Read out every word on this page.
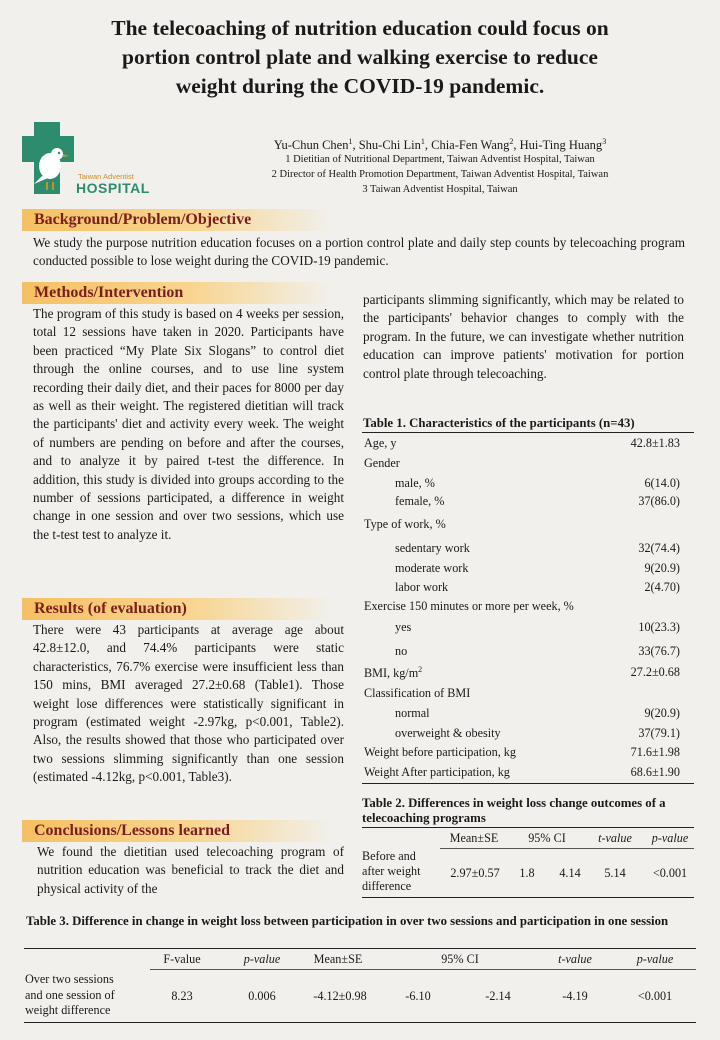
The telecoaching of nutrition education could focus on
portion control plate and walking exercise to reduce
weight during the COVID-19 pandemic.
Taiwan Adventist
HOSPITAL
Yu-Chun Chen$^1$, Shu-Chi Lin$^1$, Chia-Fen Wang$^2$, Hui-Ting Huang$^3$
1 Dietitian of Nutritional Department, Taiwan Adventist Hospital, Taiwan
2 Director of Health Promotion Department, Taiwan Adventist Hospital, Taiwan
3 Taiwan Adventist Hospital, Taiwan
Background/Problem/Objective
We study the purpose nutrition education focuses on a portion control plate and daily step counts by telecoaching program conducted possible to lose weight during the COVID-19 pandemic.
Methods/Intervention
The program of this study is based on 4 weeks per session, total 12 sessions have taken in 2020. Participants have been practiced “My Plate Six Slogans” to control diet through the online courses, and to use line system recording their daily diet, and their paces for 8000 per day as well as their weight. The registered dietitian will track the participants' diet and activity every week. The weight of numbers are pending on before and after the courses, and to analyze it by paired t-test the difference. In addition, this study is divided into groups according to the number of sessions participated, a difference in weight change in one session and over two sessions, which use the t-test test to analyze it.
Results (of evaluation)
There were 43 participants at average age about 42.8±12.0, and 74.4% participants were static characteristics, 76.7% exercise were insufficient less than 150 mins, BMI averaged 27.2±0.68 (Table1). Those weight lose differences were statistically significant in program (estimated weight -2.97kg, p<0.001, Table2). Also, the results showed that those who participated over two sessions slimming significantly than one session (estimated -4.12kg, p<0.001, Table3).
Conclusions/Lessons learned
We found the dietitian used telecoaching program of nutrition education was beneficial to track the diet and physical activity of the
participants slimming significantly, which may be related to the participants' behavior changes to comply with the program. In the future, we can investigate whether nutrition education can improve patients' motivation for portion control plate through telecoaching.
Table 1. Characteristics of the participants (n=43)
Age, y	42.8±1.83
Gender
male, %	6(14.0)
female, %	37(86.0)
Type of work, %
sedentary work	32(74.4)
moderate work	9(20.9)
labor work	2(4.70)
Exercise 150 minutes or more per week, %
yes	10(23.3)
no	33(76.7)
BMI, $kg/m^2$	27.2±0.68
Classification of BMI
normal	9(20.9)
overweight & obesity	37(79.1)
Weight before participation, kg	71.6±1.98
Weight After participation, kg	68.6±1.90
Table 2. Differences in weight loss change outcomes of a telecoaching programs
Mean±SE	95% CI	t-value	p-value
Before and
after weight
difference
2.97±0.57	1.8	4.14	5.14	<0.001
Table 3. Difference in change in weight loss between participation in over two sessions and participation in one session
F-value	p-value	Mean±SE	95% CI	t-value	p-value
Over two sessions
and one session of
weight difference
8.23	0.006	-4.12±0.98	-6.10	-2.14	-4.19	<0.001
